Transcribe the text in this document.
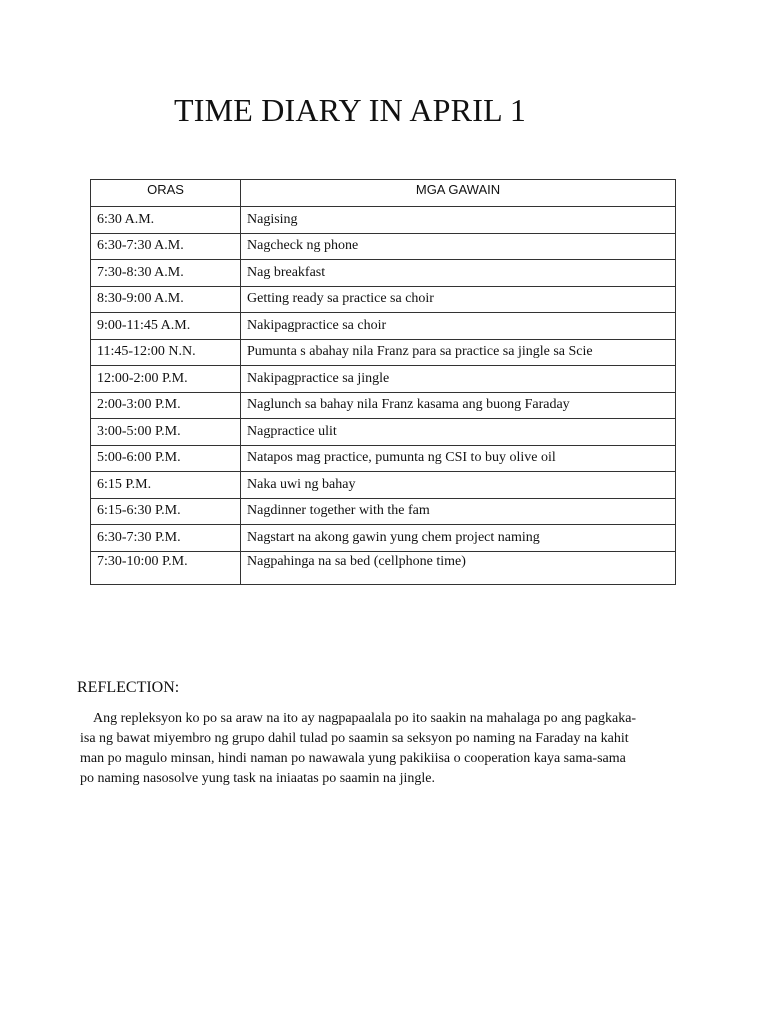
TIME DIARY IN APRIL 1
ORAS	MGA GAWAIN
6:30 A.M.	Nagising
6:30-7:30 A.M.	Nagcheck ng phone
7:30-8:30 A.M.	Nag breakfast
8:30-9:00 A.M.	Getting ready sa practice sa choir
9:00-11:45 A.M.	Nakipagpractice sa choir
11:45-12:00 N.N.	Pumunta s abahay nila Franz para sa practice sa jingle sa Scie
12:00-2:00 P.M.	Nakipagpractice sa jingle
2:00-3:00 P.M.	Naglunch sa bahay nila Franz kasama ang buong Faraday
3:00-5:00 P.M.	Nagpractice ulit
5:00-6:00 P.M.	Natapos mag practice, pumunta ng CSI to buy olive oil
6:15 P.M.	Naka uwi ng bahay
6:15-6:30 P.M.	Nagdinner together with the fam
6:30-7:30 P.M.	Nagstart na akong gawin yung chem project naming
7:30-10:00 P.M.	Nagpahinga na sa bed (cellphone time)
REFLECTION:
Ang repleksyon ko po sa araw na ito ay nagpapaalala po ito saakin na mahalaga po ang pagkaka-
isa ng bawat miyembro ng grupo dahil tulad po saamin sa seksyon po naming na Faraday na kahit
man po magulo minsan, hindi naman po nawawala yung pakikiisa o cooperation kaya sama-sama
po naming nasosolve yung task na iniaatas po saamin na jingle.
